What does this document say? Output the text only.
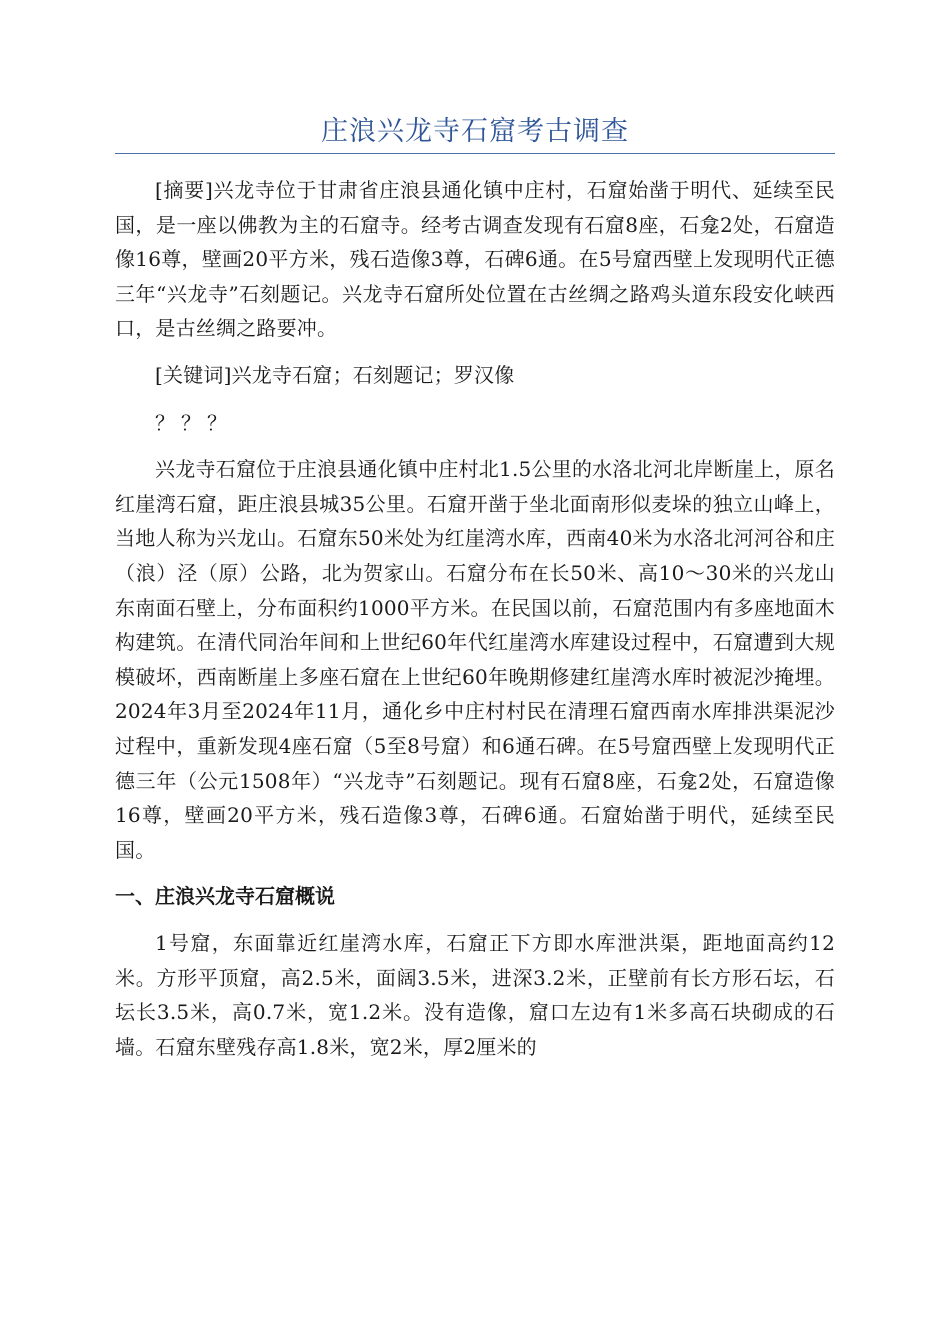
庄浪兴龙寺石窟考古调查

[摘要]兴龙寺位于甘肃省庄浪县通化镇中庄村，石窟始凿于明代、延续至民国，是一座以佛教为主的石窟寺。经考古调查发现有石窟8座，石龛2处，石窟造像16尊，壁画20平方米，残石造像3尊，石碑6通。在5号窟西壁上发现明代正德三年“兴龙寺”石刻题记。兴龙寺石窟所处位置在古丝绸之路鸡头道东段安化峡西口，是古丝绸之路要冲。

[关键词]兴龙寺石窟；石刻题记；罗汉像

？？？

兴龙寺石窟位于庄浪县通化镇中庄村北1.5公里的水洛北河北岸断崖上，原名红崖湾石窟，距庄浪县城35公里。石窟开凿于坐北面南形似麦垛的独立山峰上，当地人称为兴龙山。石窟东50米处为红崖湾水库，西南40米为水洛北河河谷和庄（浪）泾（原）公路，北为贺家山。石窟分布在长50米、高10～30米的兴龙山东南面石壁上，分布面积约1000平方米。在民国以前，石窟范围内有多座地面木构建筑。在清代同治年间和上世纪60年代红崖湾水库建设过程中，石窟遭到大规模破坏，西南断崖上多座石窟在上世纪60年晚期修建红崖湾水库时被泥沙掩埋。2024年3月至2024年11月，通化乡中庄村村民在清理石窟西南水库排洪渠泥沙过程中，重新发现4座石窟（5至8号窟）和6通石碑。在5号窟西壁上发现明代正德三年（公元1508年）“兴龙寺”石刻题记。现有石窟8座，石龛2处，石窟造像16尊，壁画20平方米，残石造像3尊，石碑6通。石窟始凿于明代，延续至民国。

一、庄浪兴龙寺石窟概说

1号窟，东面靠近红崖湾水库，石窟正下方即水库泄洪渠，距地面高约12米。方形平顶窟，高2.5米，面阔3.5米，进深3.2米，正壁前有长方形石坛，石坛长3.5米，高0.7米，宽1.2米。没有造像，窟口左边有1米多高石块砌成的石墙。石窟东壁残存高1.8米，宽2米，厚2厘米的
